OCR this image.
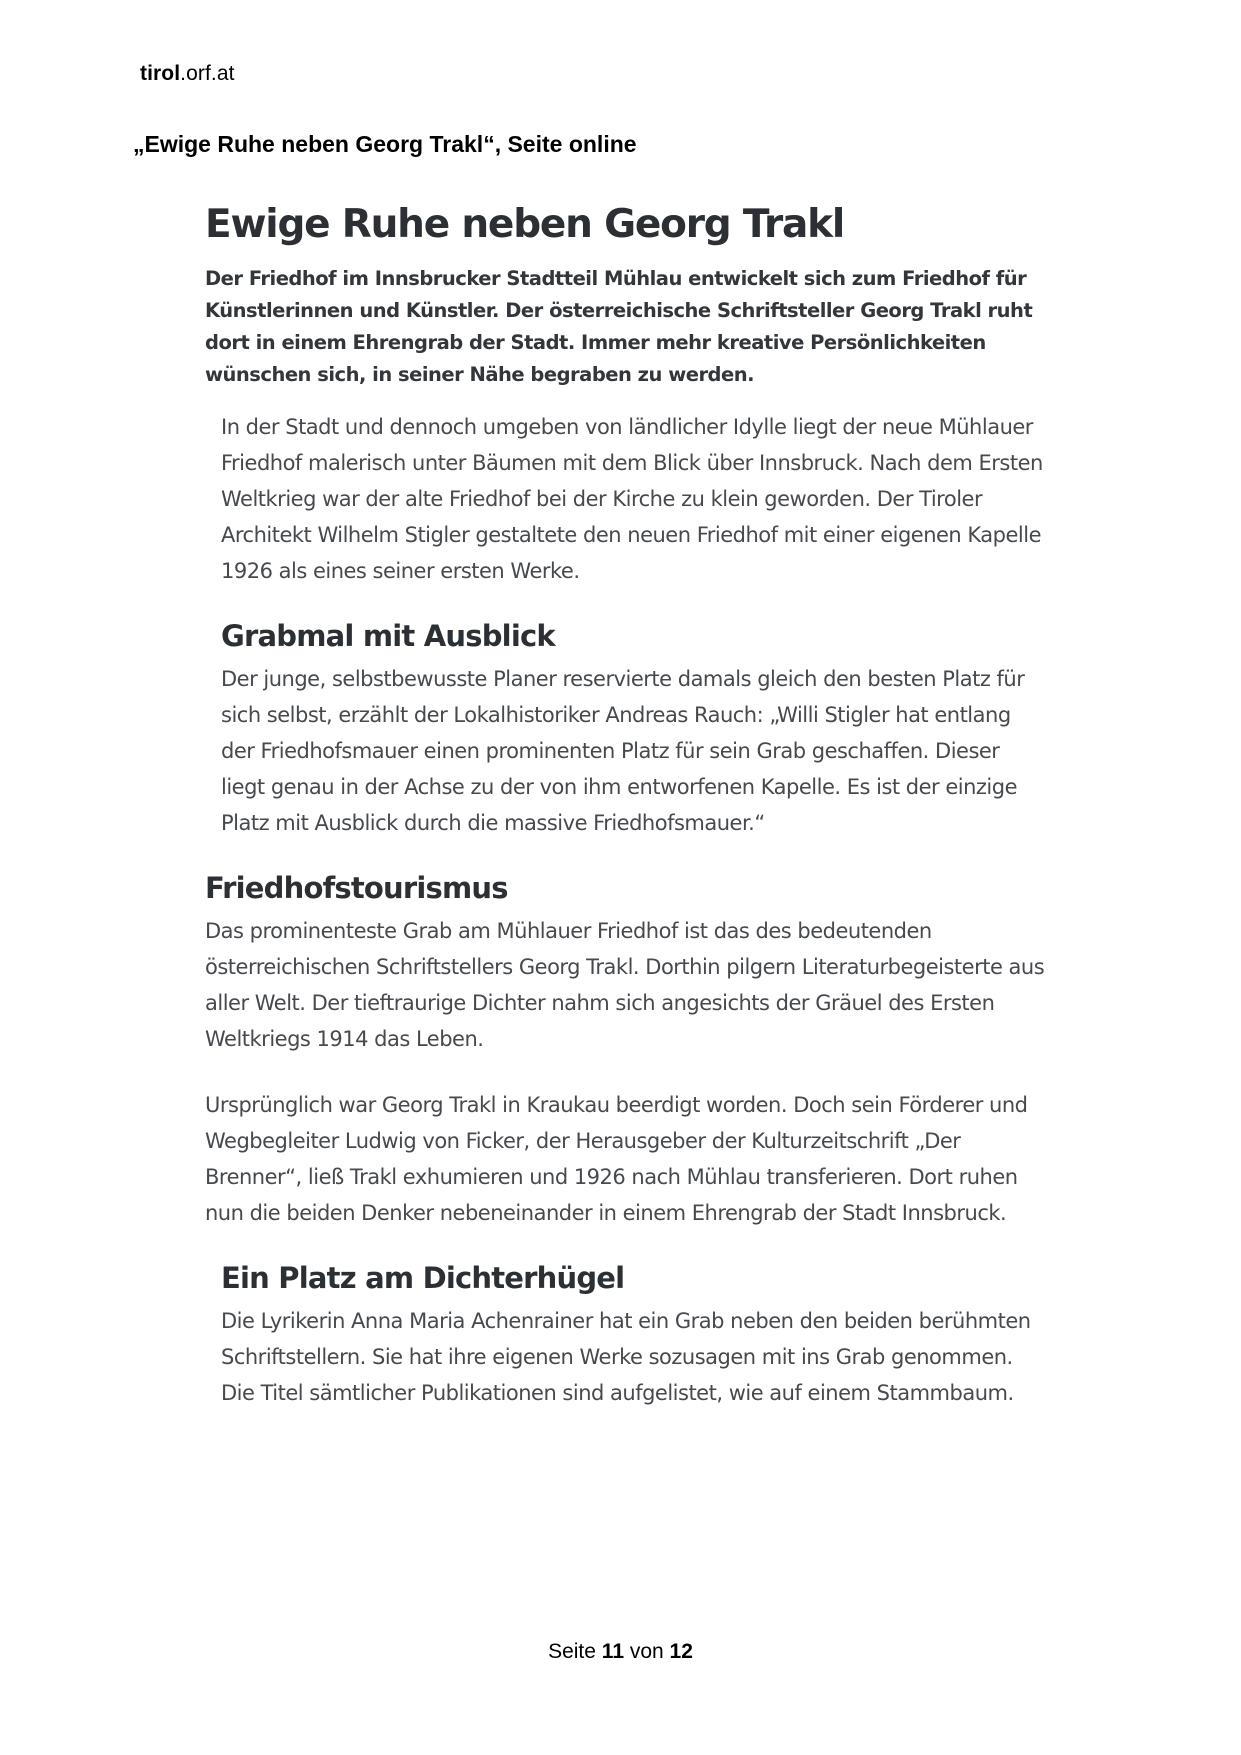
tirol.orf.at
„Ewige Ruhe neben Georg Trakl“, Seite online
Ewige Ruhe neben Georg Trakl

Der Friedhof im Innsbrucker Stadtteil Mühlau entwickelt sich zum Friedhof für Künstlerinnen und Künstler. Der österreichische Schriftsteller Georg Trakl ruht dort in einem Ehrengrab der Stadt. Immer mehr kreative Persönlichkeiten wünschen sich, in seiner Nähe begraben zu werden.

In der Stadt und dennoch umgeben von ländlicher Idylle liegt der neue Mühlauer Friedhof malerisch unter Bäumen mit dem Blick über Innsbruck. Nach dem Ersten Weltkrieg war der alte Friedhof bei der Kirche zu klein geworden. Der Tiroler Architekt Wilhelm Stigler gestaltete den neuen Friedhof mit einer eigenen Kapelle 1926 als eines seiner ersten Werke.

Grabmal mit Ausblick

Der junge, selbstbewusste Planer reservierte damals gleich den besten Platz für sich selbst, erzählt der Lokalhistoriker Andreas Rauch: „Willi Stigler hat entlang der Friedhofsmauer einen prominenten Platz für sein Grab geschaffen. Dieser liegt genau in der Achse zu der von ihm entworfenen Kapelle. Es ist der einzige Platz mit Ausblick durch die massive Friedhofsmauer.“

Friedhofstourismus

Das prominenteste Grab am Mühlauer Friedhof ist das des bedeutenden österreichischen Schriftstellers Georg Trakl. Dorthin pilgern Literaturbegeisterte aus aller Welt. Der tieftraurige Dichter nahm sich angesichts der Gräuel des Ersten Weltkriegs 1914 das Leben.

Ursprünglich war Georg Trakl in Kraukau beerdigt worden. Doch sein Förderer und Wegbegleiter Ludwig von Ficker, der Herausgeber der Kulturzeitschrift „Der Brenner“, ließ Trakl exhumieren und 1926 nach Mühlau transferieren. Dort ruhen nun die beiden Denker nebeneinander in einem Ehrengrab der Stadt Innsbruck.

Ein Platz am Dichterhügel

Die Lyrikerin Anna Maria Achenrainer hat ein Grab neben den beiden berühmten Schriftstellern. Sie hat ihre eigenen Werke sozusagen mit ins Grab genommen. Die Titel sämtlicher Publikationen sind aufgelistet, wie auf einem Stammbaum.

Seite 11 von 12
